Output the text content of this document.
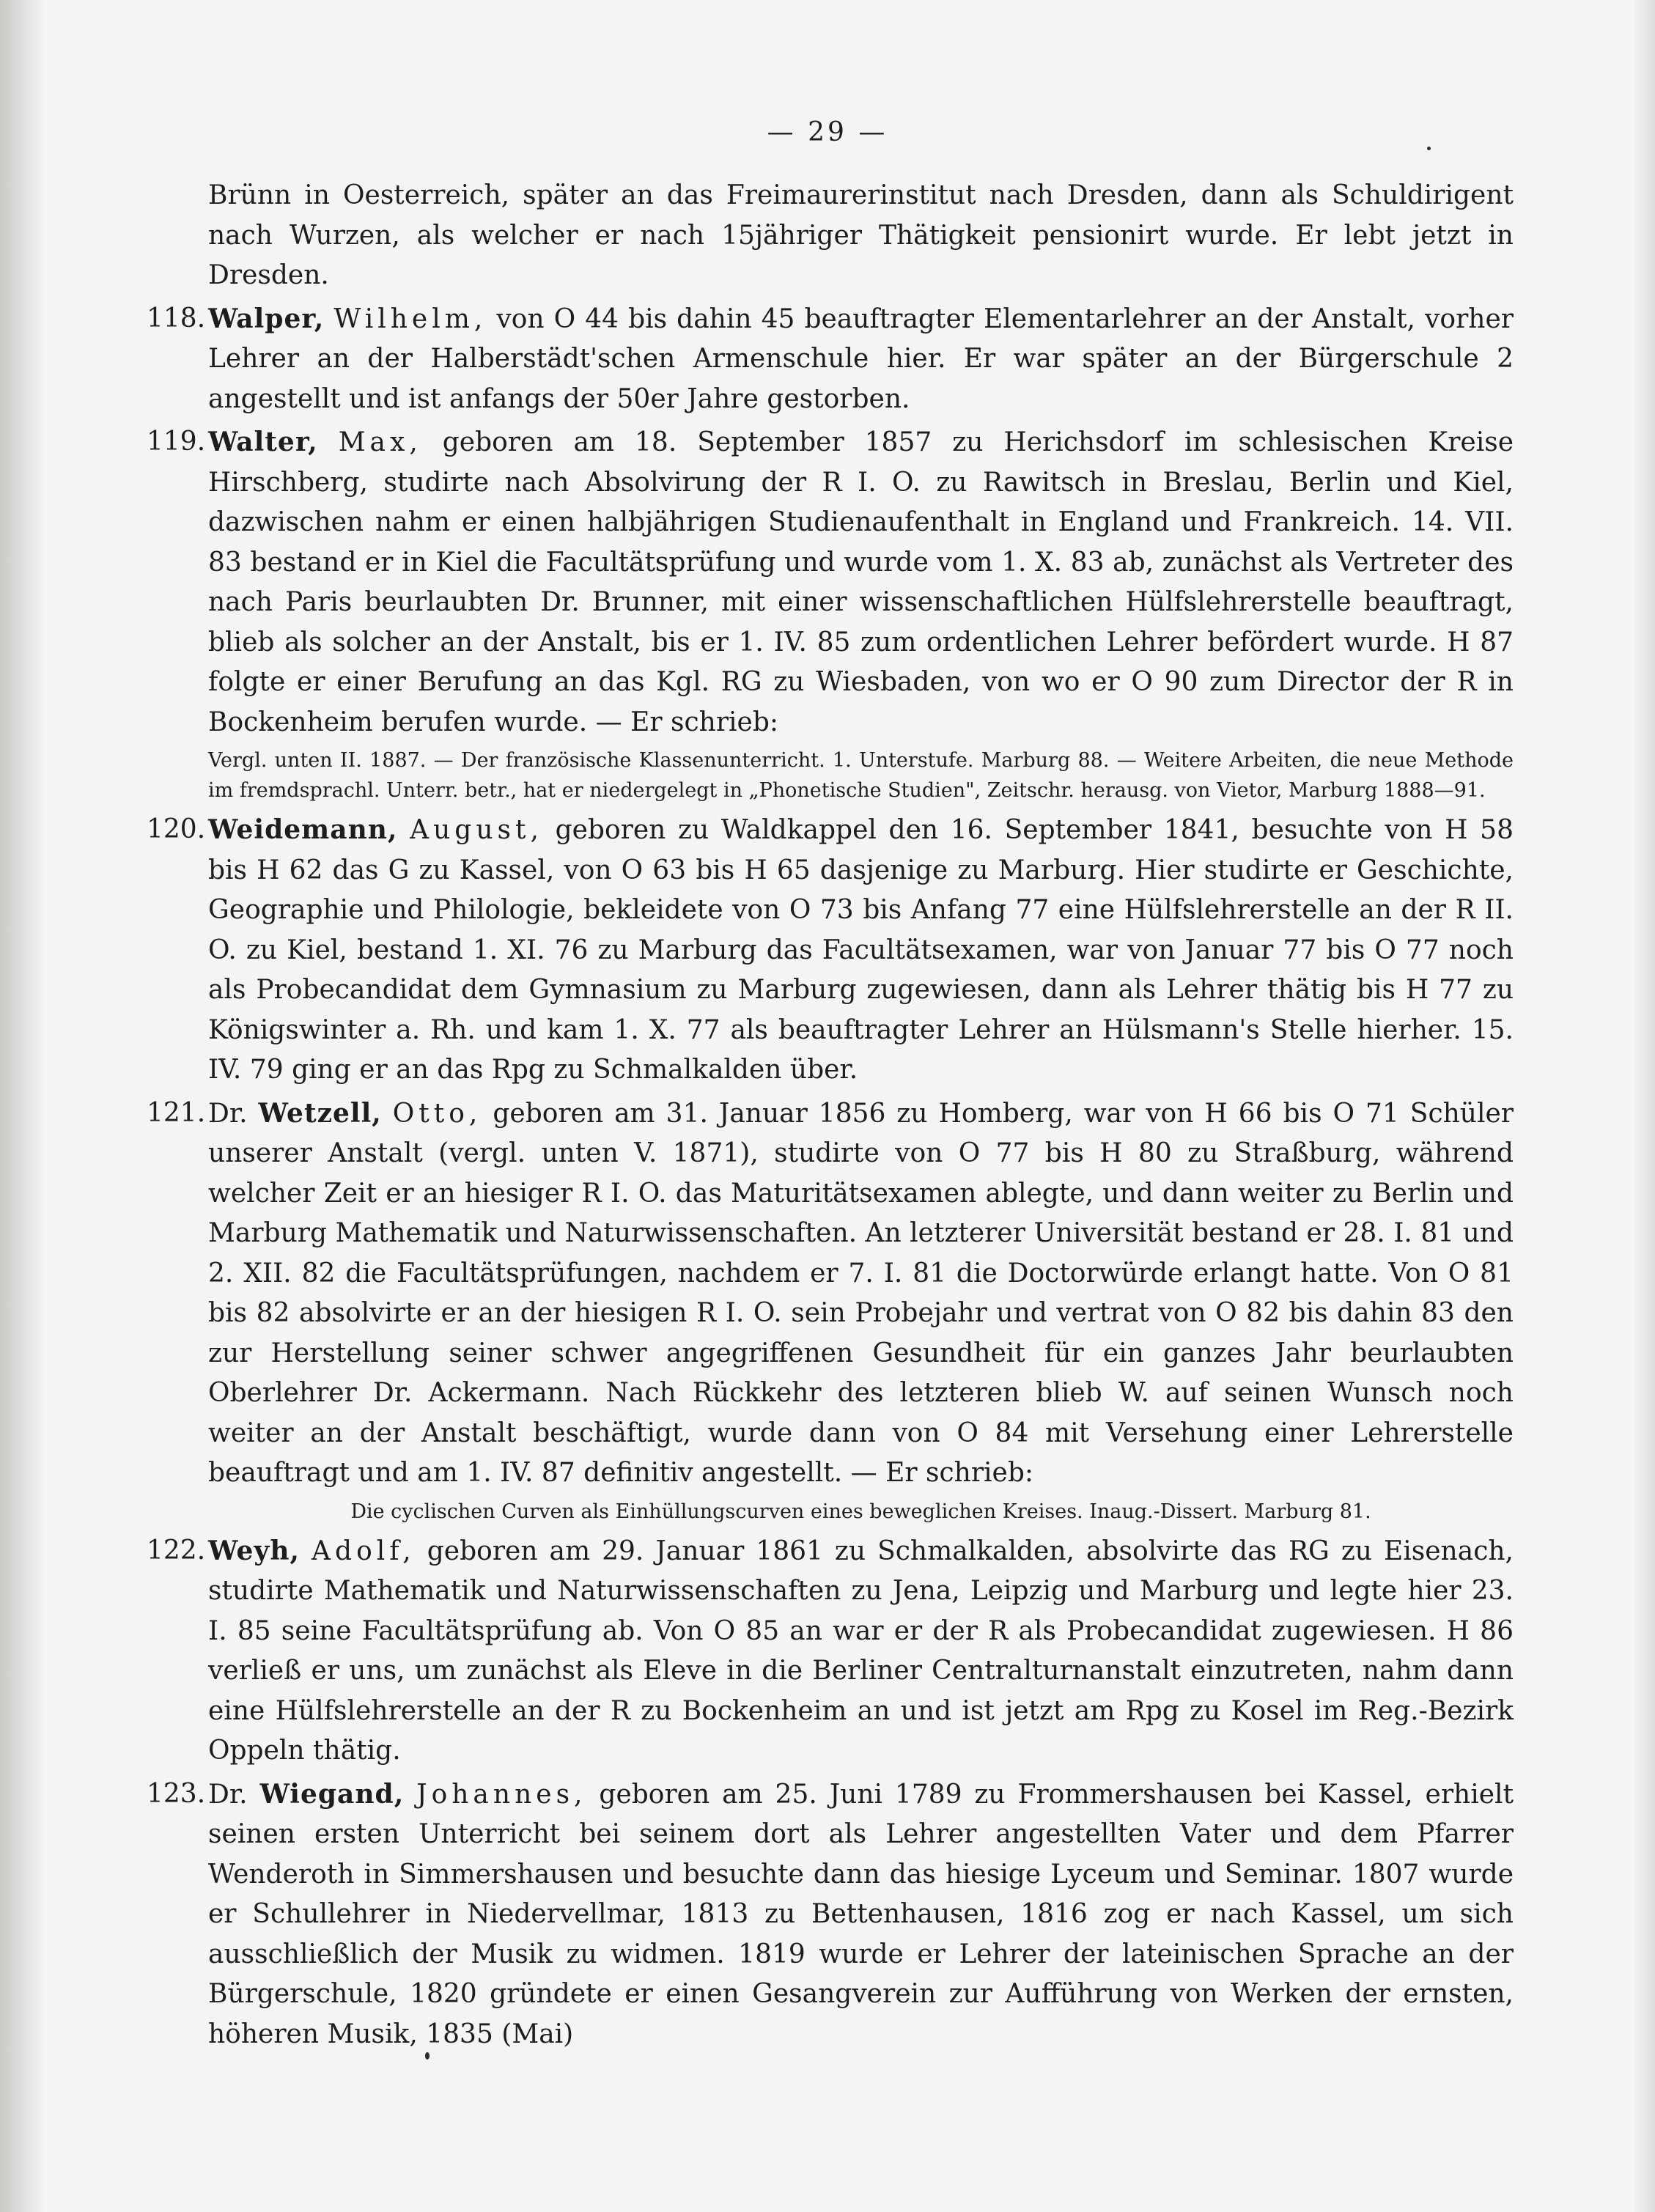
— 29 —

Brünn in Oesterreich, später an das Freimaurerinstitut nach Dresden, dann als Schuldirigent nach Wurzen, als welcher er nach 15jähriger Thätigkeit pensionirt wurde. Er lebt jetzt in Dresden.

118. Walper, Wilhelm, von O 44 bis dahin 45 beauftragter Elementarlehrer an der Anstalt, vorher Lehrer an der Halberstädt'schen Armenschule hier. Er war später an der Bürgerschule 2 angestellt und ist anfangs der 50er Jahre gestorben.

119. Walter, Max, geboren am 18. September 1857 zu Herichsdorf im schlesischen Kreise Hirschberg, studirte nach Absolvirung der R I. O. zu Rawitsch in Breslau, Berlin und Kiel, dazwischen nahm er einen halbjährigen Studienaufenthalt in England und Frankreich. 14. VII. 83 bestand er in Kiel die Facultätsprüfung und wurde vom 1. X. 83 ab, zunächst als Vertreter des nach Paris beurlaubten Dr. Brunner, mit einer wissenschaftlichen Hülfslehrerstelle beauftragt, blieb als solcher an der Anstalt, bis er 1. IV. 85 zum ordentlichen Lehrer befördert wurde. H 87 folgte er einer Berufung an das Kgl. RG zu Wiesbaden, von wo er O 90 zum Director der R in Bockenheim berufen wurde. — Er schrieb:

Vergl. unten II. 1887. — Der französische Klassenunterricht. 1. Unterstufe. Marburg 88. — Weitere Arbeiten, die neue Methode im fremdsprachl. Unterr. betr., hat er niedergelegt in „Phonetische Studien", Zeitschr. herausg. von Vietor, Marburg 1888—91.

120. Weidemann, August, geboren zu Waldkappel den 16. September 1841, besuchte von H 58 bis H 62 das G zu Kassel, von O 63 bis H 65 dasjenige zu Marburg. Hier studirte er Geschichte, Geographie und Philologie, bekleidete von O 73 bis Anfang 77 eine Hülfslehrerstelle an der R II. O. zu Kiel, bestand 1. XI. 76 zu Marburg das Facultätsexamen, war von Januar 77 bis O 77 noch als Probecandidat dem Gymnasium zu Marburg zugewiesen, dann als Lehrer thätig bis H 77 zu Königswinter a. Rh. und kam 1. X. 77 als beauftragter Lehrer an Hülsmann's Stelle hierher. 15. IV. 79 ging er an das Rpg zu Schmalkalden über.

121. Dr. Wetzell, Otto, geboren am 31. Januar 1856 zu Homberg, war von H 66 bis O 71 Schüler unserer Anstalt (vergl. unten V. 1871), studirte von O 77 bis H 80 zu Straßburg, während welcher Zeit er an hiesiger R I. O. das Maturitätsexamen ablegte, und dann weiter zu Berlin und Marburg Mathematik und Naturwissenschaften. An letzterer Universität bestand er 28. I. 81 und 2. XII. 82 die Facultätsprüfungen, nachdem er 7. I. 81 die Doctorwürde erlangt hatte. Von O 81 bis 82 absolvirte er an der hiesigen R I. O. sein Probejahr und vertrat von O 82 bis dahin 83 den zur Herstellung seiner schwer angegriffenen Gesundheit für ein ganzes Jahr beurlaubten Oberlehrer Dr. Ackermann. Nach Rückkehr des letzteren blieb W. auf seinen Wunsch noch weiter an der Anstalt beschäftigt, wurde dann von O 84 mit Versehung einer Lehrerstelle beauftragt und am 1. IV. 87 definitiv angestellt. — Er schrieb:

Die cyclischen Curven als Einhüllungscurven eines beweglichen Kreises. Inaug.-Dissert. Marburg 81.

122. Weyh, Adolf, geboren am 29. Januar 1861 zu Schmalkalden, absolvirte das RG zu Eisenach, studirte Mathematik und Naturwissenschaften zu Jena, Leipzig und Marburg und legte hier 23. I. 85 seine Facultätsprüfung ab. Von O 85 an war er der R als Probecandidat zugewiesen. H 86 verließ er uns, um zunächst als Eleve in die Berliner Centralturnanstalt einzutreten, nahm dann eine Hülfslehrerstelle an der R zu Bockenheim an und ist jetzt am Rpg zu Kosel im Reg.-Bezirk Oppeln thätig.

123. Dr. Wiegand, Johannes, geboren am 25. Juni 1789 zu Frommershausen bei Kassel, erhielt seinen ersten Unterricht bei seinem dort als Lehrer angestellten Vater und dem Pfarrer Wenderoth in Simmershausen und besuchte dann das hiesige Lyceum und Seminar. 1807 wurde er Schullehrer in Niedervellmar, 1813 zu Bettenhausen, 1816 zog er nach Kassel, um sich ausschließlich der Musik zu widmen. 1819 wurde er Lehrer der lateinischen Sprache an der Bürgerschule, 1820 gründete er einen Gesangverein zur Aufführung von Werken der ernsten, höheren Musik, 1835 (Mai)
